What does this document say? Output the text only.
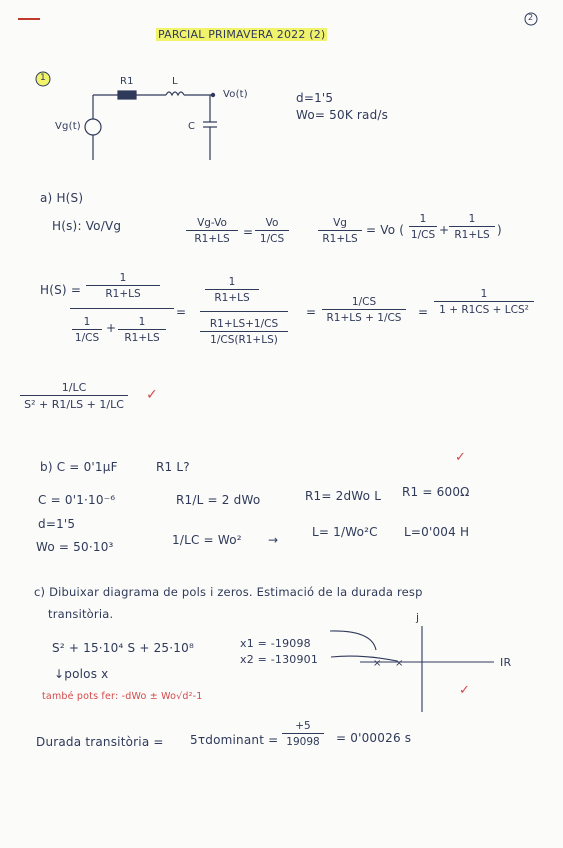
× ×
PARCIAL PRIMAVERA 2022 (2)
2
1	R1	L
Vo(t)
Vg(t)	C
d=1'5
Wo= 50K rad/s
a) H(S)
H(s): Vo/Vg	$\frac{Vg-Vo}{R1+LS} = \frac{Vo}{1/CS}$	$\frac{Vg}{R1+LS} = Vo$ ( $\frac{1}{1/CS} + \frac{1}{R1+LS}$ )
$H(S) = \frac{1}{R1+LS}$
$\frac{1}{1/CS} + \frac{1}{R1+LS}$
=
$\frac{1}{R1+LS}$
$\frac{R1+LS+1/CS}{1/CS(R1+LS)}$
= $\frac{1/CS}{R1+LS + 1/CS}$ =
1
1 + R1CS + LCS²
$\frac{1/LC}{\text{S² + R1/LS + 1/LC}}$ ✓
b) C = 0'1μF	R1 L?
✓
C = 0'1·10⁻⁶
d=1'5
Wo = 50·10³
R1/L = 2 dWo	R1= 2dWo L R1 = 600Ω
1/LC = Wo² →
L= 1/Wo²C L=0'004 H
c) Dibuixar diagrama de pols i zeros. Estimació de la durada resp
transitòria.
S² + 15·10⁴ S + 25·10⁸
↓polos x
x1 = -19098
x2 = -130901
també pots fer: -dWo ± Wo√d²-1
j
IR
✓
Durada transitòria = 5τdominant = $\frac{+5}{19098} = 0'00026$ s
